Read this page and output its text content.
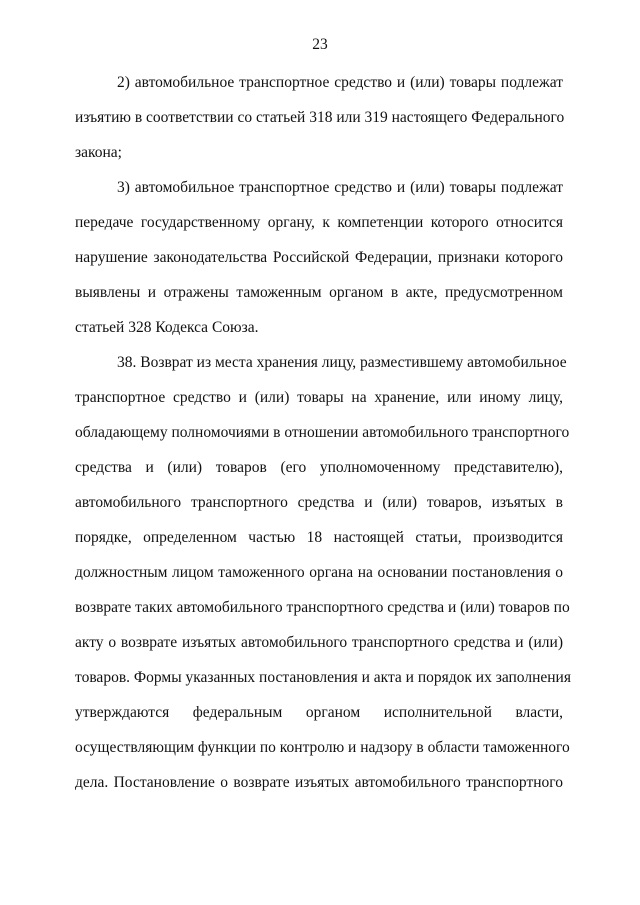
23
2) автомобильное транспортное средство и (или) товары подлежат
изъятию в соответствии со статьей 318 или 319 настоящего Федерального
закона;
3) автомобильное транспортное средство и (или) товары подлежат
передаче государственному органу, к компетенции которого относится
нарушение законодательства Российской Федерации, признаки которого
выявлены и отражены таможенным органом в акте, предусмотренном
статьей 328 Кодекса Союза.
38. Возврат из места хранения лицу, разместившему автомобильное
транспортное средство и (или) товары на хранение, или иному лицу,
обладающему полномочиями в отношении автомобильного транспортного
средства и (или) товаров (его уполномоченному представителю),
автомобильного транспортного средства и (или) товаров, изъятых в
порядке, определенном частью 18 настоящей статьи, производится
должностным лицом таможенного органа на основании постановления о
возврате таких автомобильного транспортного средства и (или) товаров по
акту о возврате изъятых автомобильного транспортного средства и (или)
товаров. Формы указанных постановления и акта и порядок их заполнения
утверждаются федеральным органом исполнительной власти,
осуществляющим функции по контролю и надзору в области таможенного
дела. Постановление о возврате изъятых автомобильного транспортного
